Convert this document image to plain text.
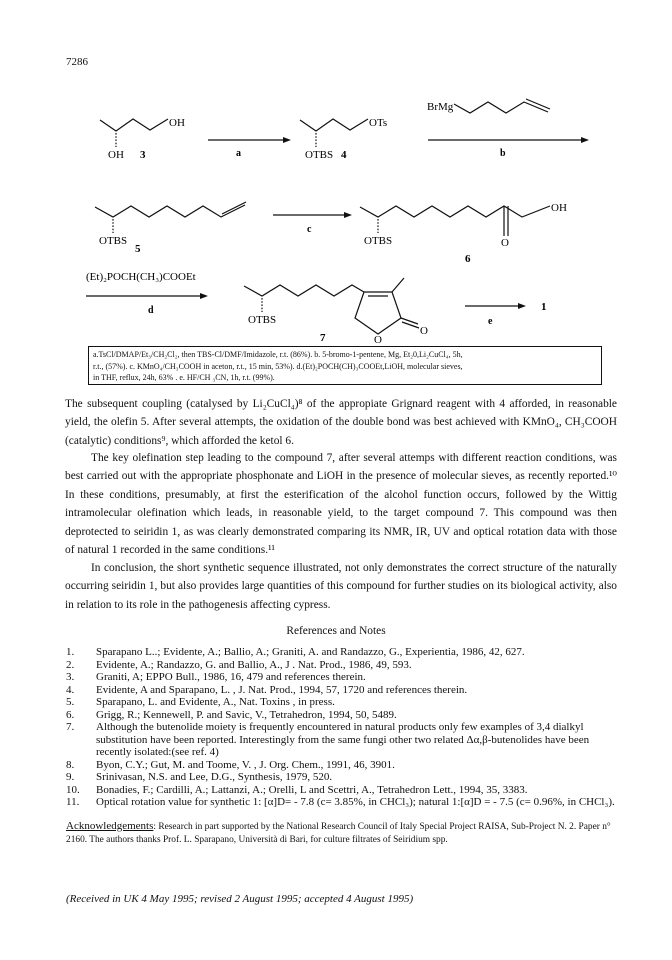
7286
OH
OH 3	a
OTs
OTBS 4
BrMg
b
OTBS
5
c
OH
OTBS	O
6
(Et)₂POCH(CH₃)COOEt
d
OTBS
O
O
7
e
1
a.TsCl/DMAP/Et₃/CH₂Cl₂, then TBS-Cl/DMF/Imidazole, r.t. (86%). b. 5-bromo-1-pentene, Mg, Et₂0,Li₂CuCl₄, 5h,
r.t., (57%). c. KMnO₄/CH₃COOH in aceton, r.t., 15 min, 53%). d.(Et)₂POCH(CH)₃COOEt,LiOH, molecular sieves,
in THF, reflux, 24h, 63% . e. HF/CH ₃CN, 1h, r.t. (99%).
The subsequent coupling (catalysed by Li₂CuCl₄)⁸ of the appropiate Grignard reagent with 4 afforded, in reasonable yield, the olefin 5. After several attempts, the oxidation of the double bond was best achieved with KMnO₄, CH₃COOH (catalytic) conditions⁹, which afforded the ketol 6.
The key olefination step leading to the compound 7, after several attemps with different reaction conditions, was best carried out with the appropriate phosphonate and LiOH in the presence of molecular sieves, as recently reported.¹⁰ In these conditions, presumably, at first the esterification of the alcohol function occurs, followed by the Wittig intramolecular olefination which leads, in reasonable yield, to the target compound 7. This compound was then deprotected to seiridin 1, as was clearly demonstrated comparing its NMR, IR, UV and optical rotation data with those of natural 1 recorded in the same conditions.¹¹
In conclusion, the short synthetic sequence illustrated, not only demonstrates the correct structure of the naturally occurring seiridin 1, but also provides large quantities of this compound for further studies on its biological activity, also in relation to its role in the pathogenesis affecting cypress.
References and Notes
1.	Sparapano L..; Evidente, A.; Ballio, A.; Graniti, A. and Randazzo, G., Experientia, 1986, 42, 627.
2.	Evidente, A.; Randazzo, G. and Ballio, A., J . Nat. Prod., 1986, 49, 593.
3.	Graniti, A; EPPO Bull., 1986, 16, 479 and references therein.
4.	Evidente, A and Sparapano, L. , J. Nat. Prod., 1994, 57, 1720 and references therein.
5.	Sparapano, L. and Evidente, A., Nat. Toxins , in press.
6.	Grigg, R.; Kennewell, P. and Savic, V., Tetrahedron, 1994, 50, 5489.
7.	Although the butenolide moiety is frequently encountered in natural products only few examples of 3,4 dialkyl substitution have been reported. Interestingly from the same fungi other two related Δα,β-butenolides have been recently isolated:(see ref. 4)
8.	Byon, C.Y.; Gut, M. and Toome, V. , J. Org. Chem., 1991, 46, 3901.
9.	Srinivasan, N.S. and Lee, D.G., Synthesis, 1979, 520.
10.	Bonadies, F.; Cardilli, A.; Lattanzi, A.; Orelli, L and Scettri, A., Tetrahedron Lett., 1994, 35, 3383.
11.	Optical rotation value for synthetic 1: [α]D= - 7.8 (c= 3.85%, in CHCl₃); natural 1:[α]D = - 7.5 (c= 0.96%, in CHCl₃).
Acknowledgements: Research in part supported by the National Research Council of Italy Special Project RAISA, Sub-Project N. 2. Paper n° 2160. The authors thanks Prof. L. Sparapano, Università di Bari, for culture filtrates of Seiridium spp.
(Received in UK 4 May 1995; revised 2 August 1995; accepted 4 August 1995)
